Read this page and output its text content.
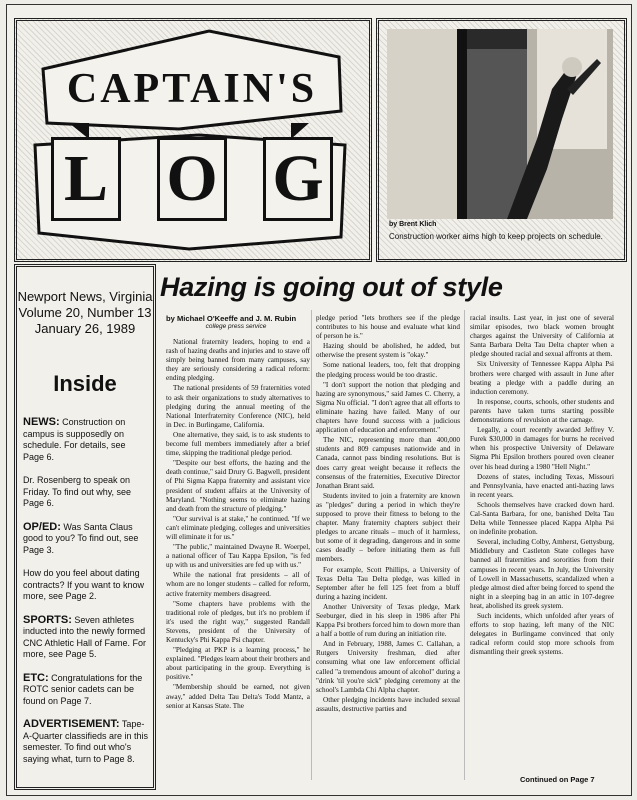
CAPTAIN'S
L O G
by Brent Klich
Construction worker aims high to keep projects on schedule.
Newport News, Virginia
Volume 20, Number 13
January 26, 1989
Inside
NEWS: Construction on campus is supposedly on schedule. For details, see Page 6.
Dr. Rosenberg to speak on Friday. To find out why, see Page 6.
OP/ED: Was Santa Claus good to you? To find out, see Page 3.
How do you feel about dating contracts? If you want to know more, see Page 2.
SPORTS: Seven athletes inducted into the newly formed CNC Athletic Hall of Fame. For more, see Page 5.
ETC: Congratulations for the ROTC senior cadets can be found on Page 7.
ADVERTISEMENT: Tape-A-Quarter classifieds are in this semester. To find out who's saying what, turn to Page 8.
Hazing is going out of style
by Michael O'Keeffe and J. M. Rubin
college press service

National fraternity leaders, hoping to end a rash of hazing deaths and injuries and to stave off simply being banned from many campuses, say they are seriously considering a radical reform: ending pledging.

The national presidents of 59 fraternities voted to ask their organizations to study alternatives to pledging during the annual meeting of the National Interfraternity Conference (NIC), held in Dec. in Burlingame, California.

One alternative, they said, is to ask students to become full members immediately after a brief time, skipping the traditional pledge period.

"Despite our best efforts, the hazing and the death continue," said Drury G. Bagwell, president of Phi Sigma Kappa fraternity and assistant vice president of student affairs at the University of Maryland. "Nothing seems to eliminate hazing and death from the structure of pledging."

"Our survival is at stake," he continued. "If we can't eliminate pledging, colleges and universities will eliminate it for us."

"The public," maintained Dwayne R. Woerpel, a national officer of Tau Kappa Epsilon, "is fed up with us and universities are fed up with us."

While the national frat presidents – all of whom are no longer students – called for reform, active fraternity members disagreed.

"Some chapters have problems with the traditional role of pledges, but it's no problem if it's used the right way," suggested Randall Stevens, president of the University of Kentucky's Phi Kappa Psi chapter.

"Pledging at PKP is a learning process," he explained. "Pledges learn about their brothers and about participating in the group. Everything is positive."

"Membership should be earned, not given away," added Delta Tau Delta's Todd Mantz, a senior at Kansas State. The

pledge period "lets brothers see if the pledge contributes to his house and evaluate what kind of person he is."

Hazing should be abolished, he added, but otherwise the present system is "okay."

Some national leaders, too, felt that dropping the pledging process would be too drastic.

"I don't support the notion that pledging and hazing are synonymous," said James C. Cherry, a Sigma Nu official. "I don't agree that all efforts to eliminate hazing have failed. Many of our chapters have found success with a judicious application of education and enforcement."

The NIC, representing more than 400,000 students and 809 campuses nationwide and in Canada, cannot pass binding resolutions. But is does carry great weight because it reflects the consensus of the fraternities, Executive Director Jonathan Brant said.

Students invited to join a fraternity are known as "pledges" during a period in which they're supposed to prove their fitness to belong to the chapter. Many fraternity chapters subject their pledges to arcane rituals – much of it harmless, but some of it degrading, dangerous and in some cases deadly – before initiating them as full members.

For example, Scott Phillips, a University of Texas Delta Tau Delta pledge, was killed in September after he fell 125 feet from a bluff during a hazing incident.

Another University of Texas pledge, Mark Seeburger, died in his sleep in 1986 after Phi Kappa Psi brothers forced him to down more than a half a bottle of rum during an initiation rite.

And in February, 1988, James C. Callahan, a Rutgers University freshman, died after consuming what one law enforcement official called "a tremendous amount of alcohol" during a "drink 'til you're sick" pledging ceremony at the school's Lambda Chi Alpha chapter.

Other pledging incidents have included sexual assaults, destructive parties and

racial insults. Last year, in just one of several similar episodes, two black women brought charges against the University of California at Santa Barbara Delta Tau Delta chapter when a pledge shouted racial and sexual affronts at them.

Six University of Tennessee Kappa Alpha Psi brothers were charged with assault in June after beating a pledge with a paddle during an induction ceremony.

In response, courts, schools, other students and parents have taken turns starting possible demonstrations of revulsion at the carnage.

Legally, a court recently awarded Jeffrey V. Furek $30,000 in damages for burns he received when his prospective University of Delaware Sigma Phi Epsilon brothers poured oven cleaner over his head during a 1980 "Hell Night."

Dozens of states, including Texas, Missouri and Pennsylvania, have enacted anti-hazing laws in recent years.

Schools themselves have cracked down hard. Cal-Santa Barbara, for one, banished Delta Tau Delta while Tennessee placed Kappa Alpha Psi on indefinite probation.

Several, including Colby, Amherst, Gettysburg, Middlebury and Castleton State colleges have banned all fraternities and sororities from their campuses in recent years. In July, the University of Lowell in Massachusetts, scandalized when a pledge almost died after being forced to spend the night in a sleeping bag in an attic in 107-degree heat, abolished its greek system.

Such incidents, which unfolded after years of efforts to stop hazing, left many of the NIC delegates in Burlingame convinced that only radical reform could stop more schools from dismantling their greek systems.

Continued on Page 7
